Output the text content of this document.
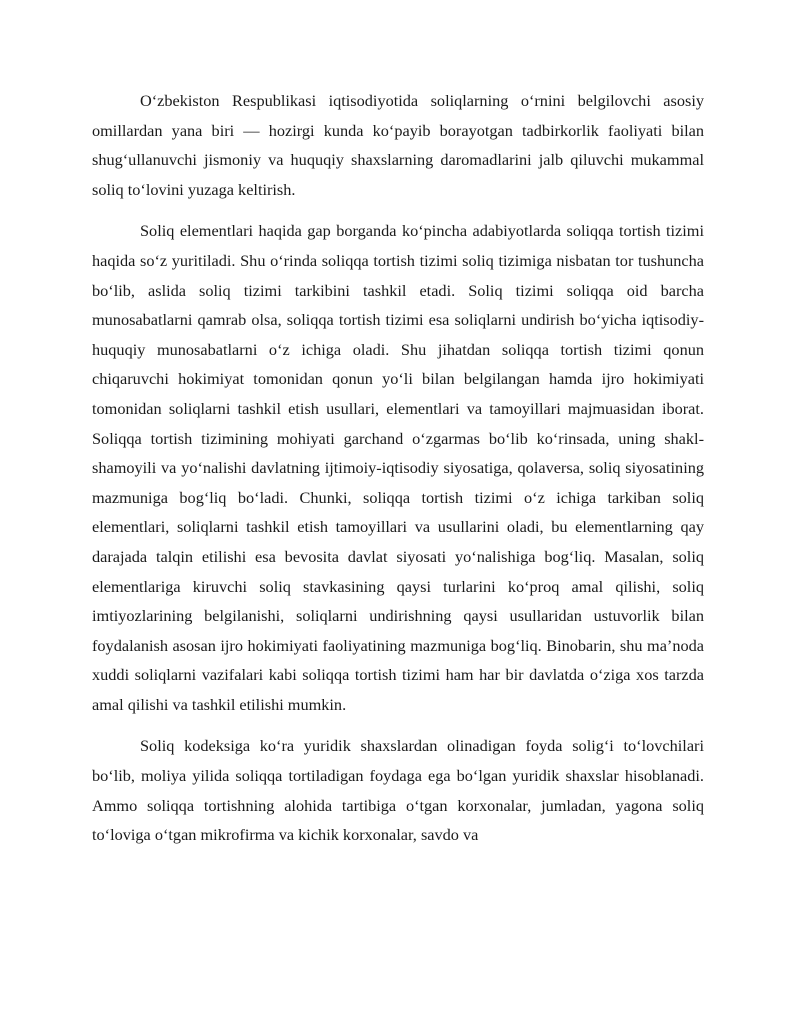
O‘zbekiston Respublikasi iqtisodiyotida soliqlarning o‘rnini belgilovchi asosiy omillardan yana biri — hozirgi kunda ko‘payib borayotgan tadbirkorlik faoliyati bilan shug‘ullanuvchi jismoniy va huquqiy shaxslarning daromadlarini jalb qiluvchi mukammal soliq to‘lovini yuzaga keltirish.

Soliq elementlari haqida gap borganda ko‘pincha adabiyotlarda soliqqa tortish tizimi haqida so‘z yuritiladi. Shu o‘rinda soliqqa tortish tizimi soliq tizimiga nisbatan tor tushuncha bo‘lib, aslida soliq tizimi tarkibini tashkil etadi. Soliq tizimi soliqqa oid barcha munosabatlarni qamrab olsa, soliqqa tortish tizimi esa soliqlarni undirish bo‘yicha iqtisodiy-huquqiy munosabatlarni o‘z ichiga oladi. Shu jihatdan soliqqa tortish tizimi qonun chiqaruvchi hokimiyat tomonidan qonun yo‘li bilan belgilangan hamda ijro hokimiyati tomonidan soliqlarni tashkil etish usullari, elementlari va tamoyillari majmuasidan iborat. Soliqqa tortish tizimining mohiyati garchand o‘zgarmas bo‘lib ko‘rinsada, uning shakl-shamoyili va yo‘nalishi davlatning ijtimoiy-iqtisodiy siyosatiga, qolaversa, soliq siyosatining mazmuniga bog‘liq bo‘ladi. Chunki, soliqqa tortish tizimi o‘z ichiga tarkiban soliq elementlari, soliqlarni tashkil etish tamoyillari va usullarini oladi, bu elementlarning qay darajada talqin etilishi esa bevosita davlat siyosati yo‘nalishiga bog‘liq. Masalan, soliq elementlariga kiruvchi soliq stavkasining qaysi turlarini ko‘proq amal qilishi, soliq imtiyozlarining belgilanishi, soliqlarni undirishning qaysi usullaridan ustuvorlik bilan foydalanish asosan ijro hokimiyati faoliyatining mazmuniga bog‘liq. Binobarin, shu ma’noda xuddi soliqlarni vazifalari kabi soliqqa tortish tizimi ham har bir davlatda o‘ziga xos tarzda amal qilishi va tashkil etilishi mumkin.

Soliq kodeksiga ko‘ra yuridik shaxslardan olinadigan foyda solig‘i to‘lovchilari bo‘lib, moliya yilida soliqqa tortiladigan foydaga ega bo‘lgan yuridik shaxslar hisoblanadi. Ammo soliqqa tortishning alohida tartibiga o‘tgan korxonalar, jumladan, yagona soliq to‘loviga o‘tgan mikrofirma va kichik korxonalar, savdo va
